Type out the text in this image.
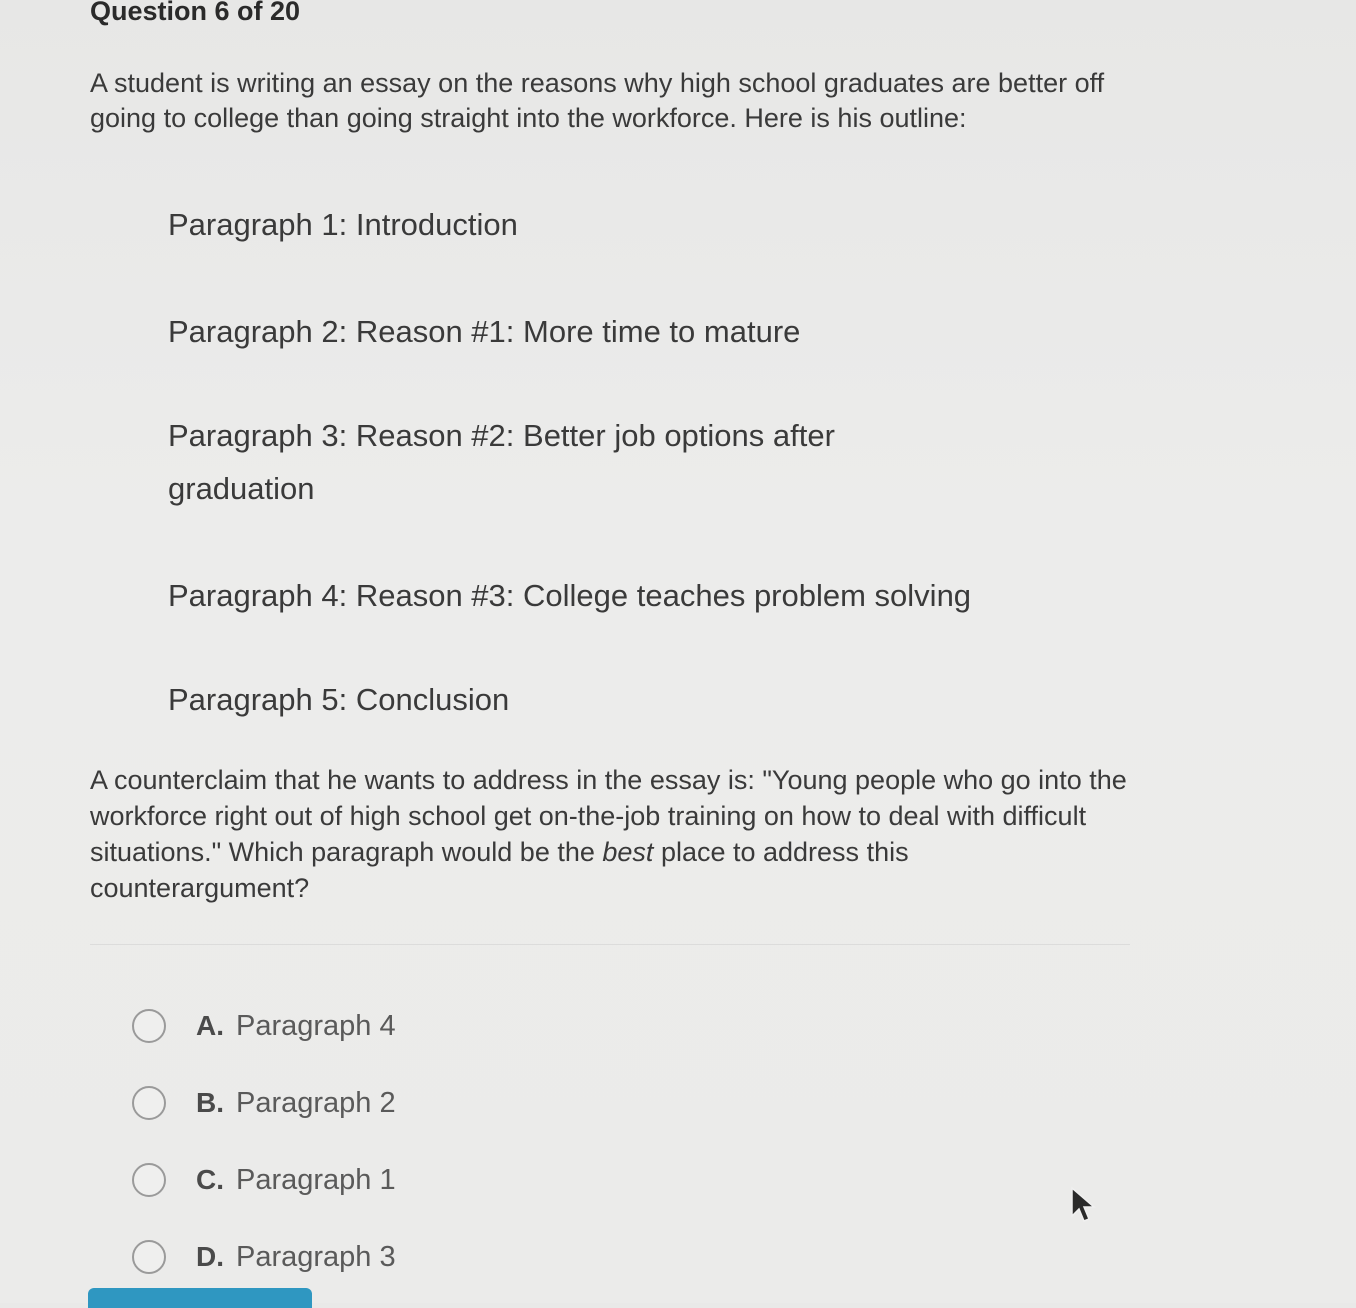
Question 6 of 20
A student is writing an essay on the reasons why high school graduates are better off going to college than going straight into the workforce. Here is his outline:
Paragraph 1: Introduction
Paragraph 2: Reason #1: More time to mature
Paragraph 3: Reason #2: Better job options after graduation
Paragraph 4: Reason #3: College teaches problem solving
Paragraph 5: Conclusion
A counterclaim that he wants to address in the essay is: "Young people who go into the workforce right out of high school get on-the-job training on how to deal with difficult situations." Which paragraph would be the best place to address this counterargument?
A. Paragraph 4
B. Paragraph 2
C. Paragraph 1
D. Paragraph 3
